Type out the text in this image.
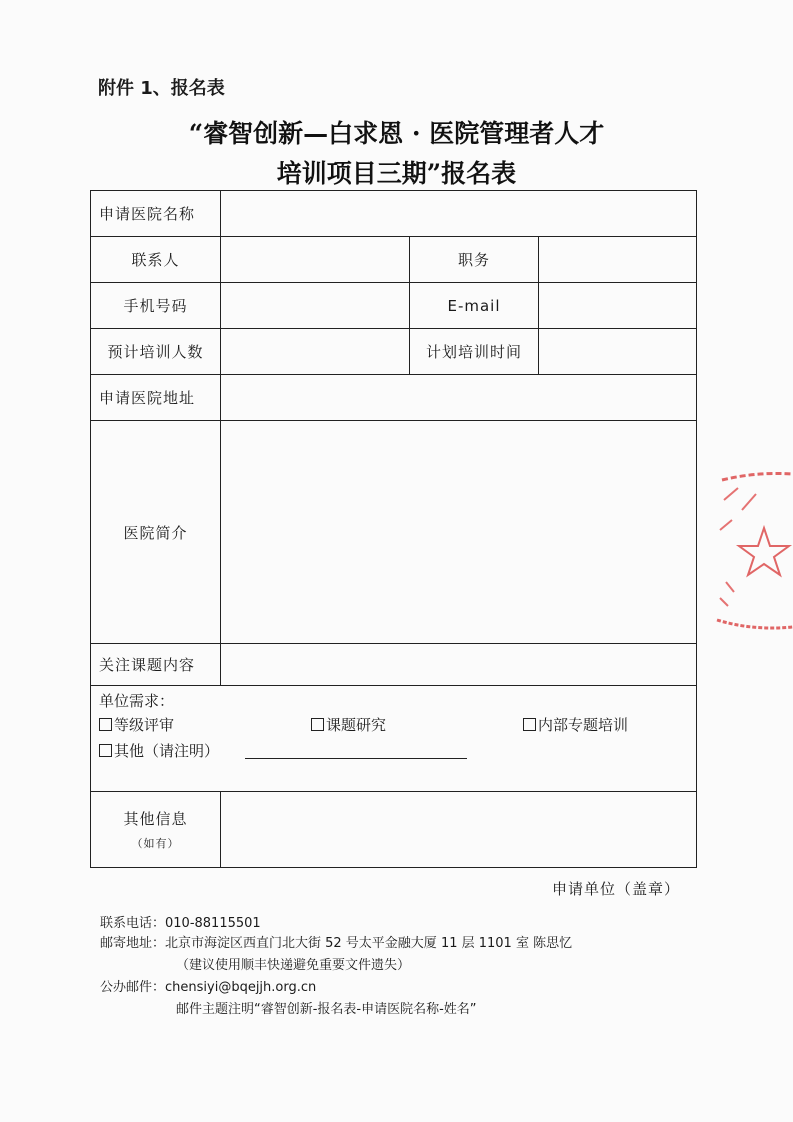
附件 1、报名表
“睿智创新—白求恩 · 医院管理者人才
培训项目三期”报名表
申请医院名称			
联系人		职务	
手机号码		E-mail	
预计培训人数		计划培训时间	
申请医院地址			
医院简介			
关注课题内容			

单位需求：
等级评审 课题研究 内部专题培训
其他（请注明）			

其他信息
（如有）			

申请单位（盖章）
联系电话：010-88115501
邮寄地址：北京市海淀区西直门北大街 52 号太平金融大厦 11 层 1101 室 陈思忆
（建议使用顺丰快递避免重要文件遗失）
公办邮件：chensiyi@bqejjh.org.cn
邮件主题注明“睿智创新-报名表-申请医院名称-姓名”
